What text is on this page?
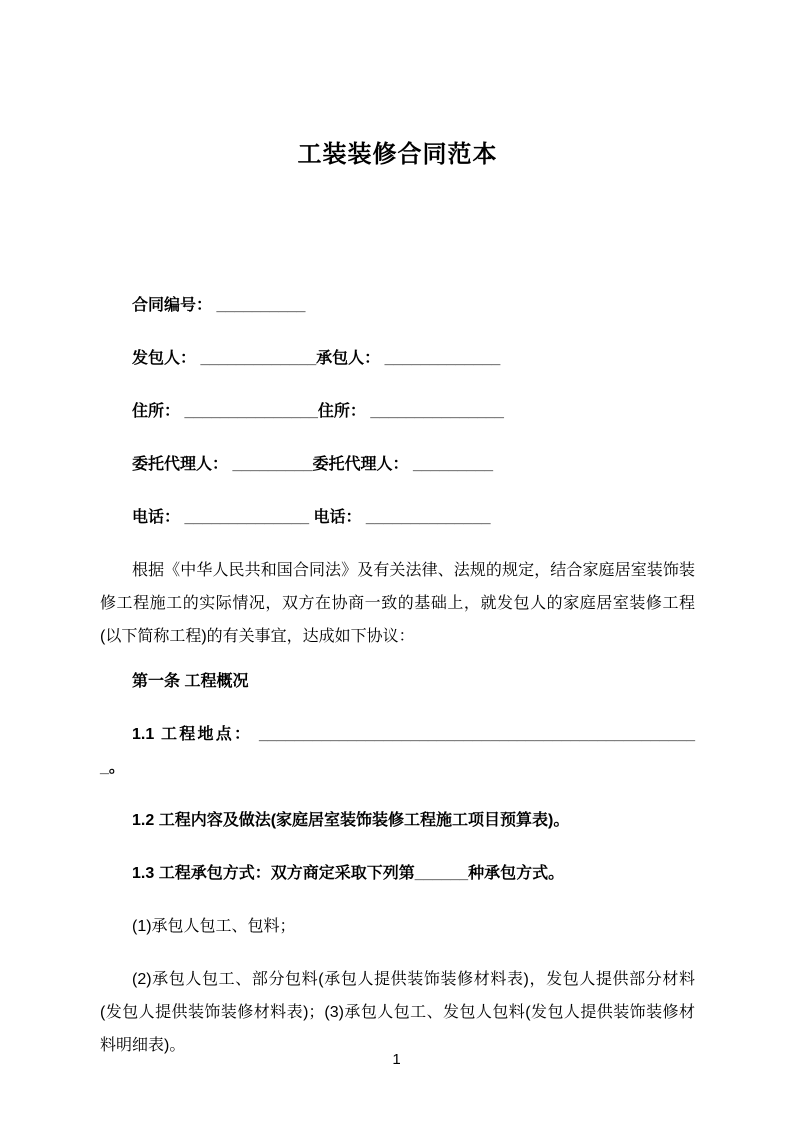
工装装修合同范本

合同编号： __________

发包人： _____________承包人： _____________

住所： _______________住所： _______________

委托代理人： _________委托代理人： _________

电话： ______________ 电话： ______________

根据《中华人民共和国合同法》及有关法律、法规的规定，结合家庭居室装饰装修工程施工的实际情况，双方在协商一致的基础上，就发包人的家庭居室装修工程(以下简称工程)的有关事宜，达成如下协议：

第一条 工程概况

1.1 工程地点： __________________________________________________。

1.2 工程内容及做法(家庭居室装饰装修工程施工项目预算表)。

1.3 工程承包方式：双方商定采取下列第______种承包方式。

(1)承包人包工、包料；

(2)承包人包工、部分包料(承包人提供装饰装修材料表)，发包人提供部分材料(发包人提供装饰装修材料表)；(3)承包人包工、发包人包料(发包人提供装饰装修材料明细表)。

1
